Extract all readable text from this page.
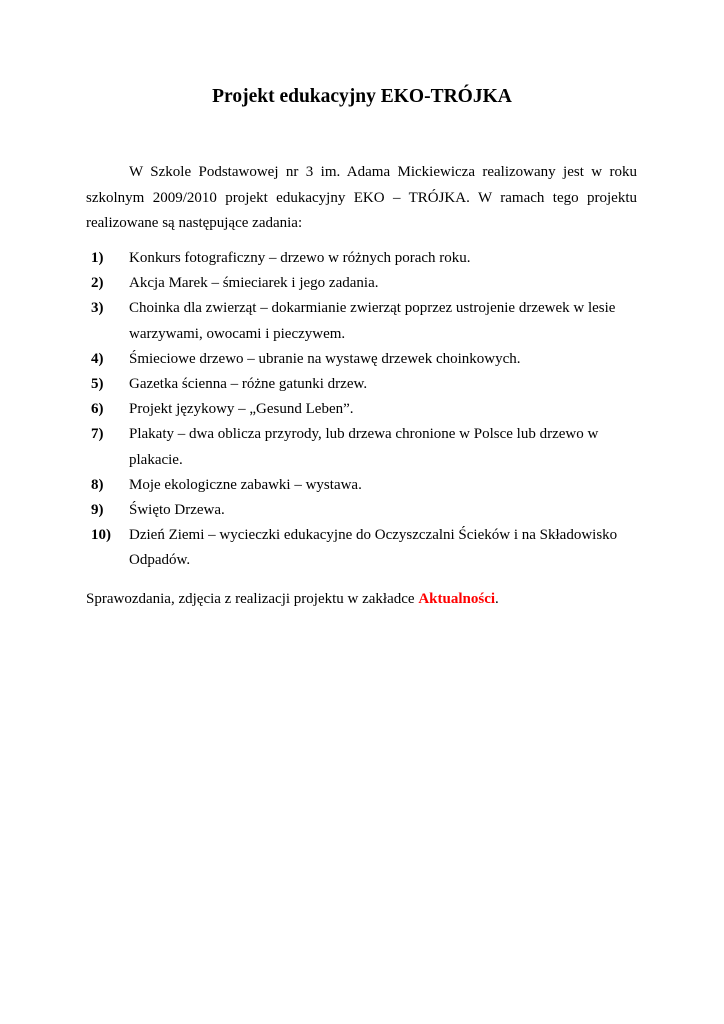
Projekt edukacyjny EKO-TRÓJKA

W Szkole Podstawowej nr 3 im. Adama Mickiewicza realizowany jest w roku szkolnym 2009/2010 projekt edukacyjny EKO – TRÓJKA. W ramach tego projektu realizowane są następujące zadania:

1)	Konkurs fotograficzny – drzewo w różnych porach roku.
2)	Akcja Marek – śmieciarek i jego zadania.
3)	Choinka dla zwierząt – dokarmianie zwierząt poprzez ustrojenie drzewek w lesie warzywami, owocami i pieczywem.
4)	Śmieciowe drzewo – ubranie na wystawę drzewek choinkowych.
5)	Gazetka ścienna – różne gatunki drzew.
6)	Projekt językowy – „Gesund Leben”.
7)	Plakaty – dwa oblicza przyrody, lub drzewa chronione w Polsce lub drzewo w plakacie.
8)	Moje ekologiczne zabawki – wystawa.
9)	Święto Drzewa.
10)	Dzień Ziemi – wycieczki edukacyjne do Oczyszczalni Ścieków i na Składowisko Odpadów.

Sprawozdania, zdjęcia z realizacji projektu w zakładce Aktualności.
